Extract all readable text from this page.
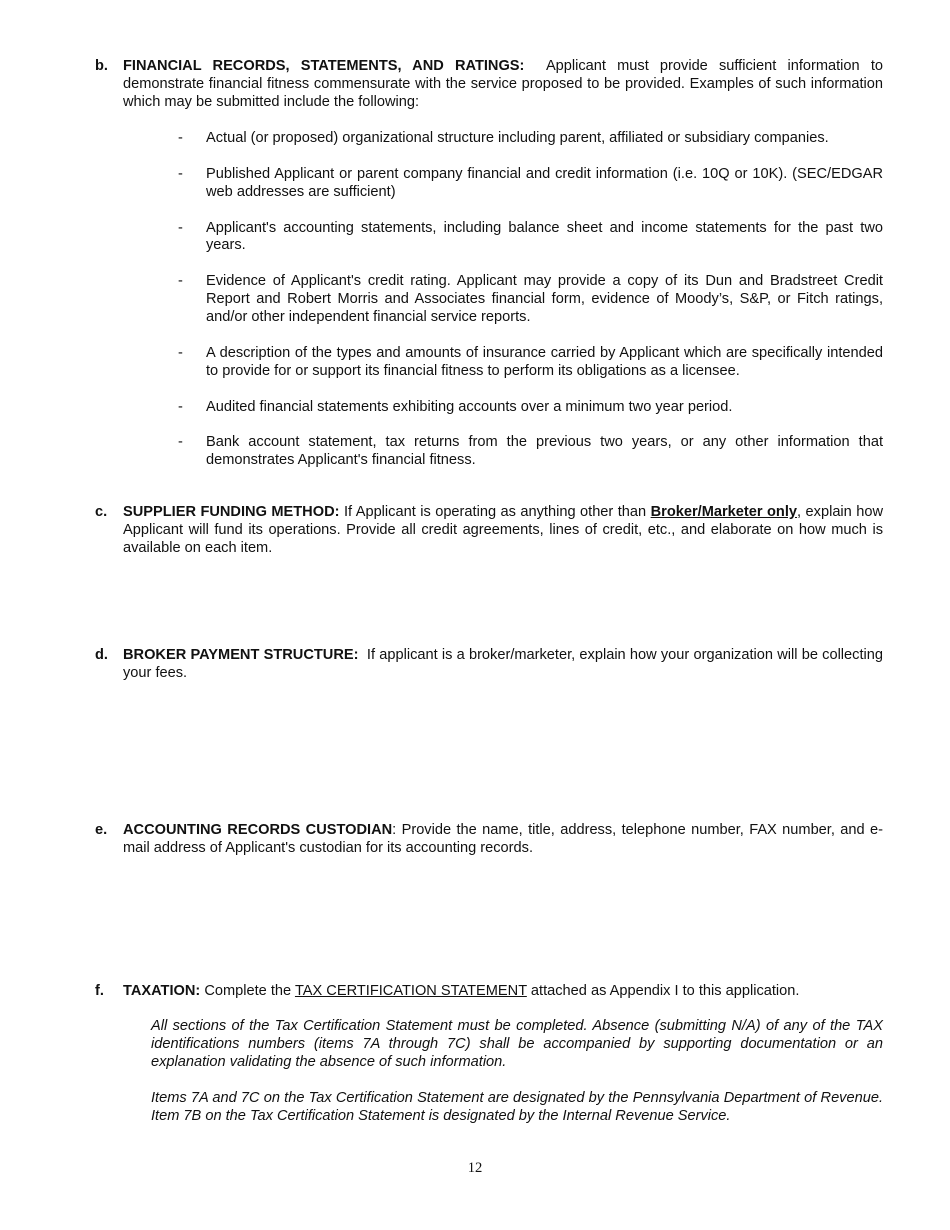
b. FINANCIAL RECORDS, STATEMENTS, AND RATINGS: Applicant must provide sufficient information to demonstrate financial fitness commensurate with the service proposed to be provided. Examples of such information which may be submitted include the following:
- Actual (or proposed) organizational structure including parent, affiliated or subsidiary companies.
- Published Applicant or parent company financial and credit information (i.e. 10Q or 10K). (SEC/EDGAR web addresses are sufficient)
- Applicant's accounting statements, including balance sheet and income statements for the past two years.
- Evidence of Applicant's credit rating. Applicant may provide a copy of its Dun and Bradstreet Credit Report and Robert Morris and Associates financial form, evidence of Moody’s, S&P, or Fitch ratings, and/or other independent financial service reports.
- A description of the types and amounts of insurance carried by Applicant which are specifically intended to provide for or support its financial fitness to perform its obligations as a licensee.
- Audited financial statements exhibiting accounts over a minimum two year period.
- Bank account statement, tax returns from the previous two years, or any other information that demonstrates Applicant's financial fitness.
c. SUPPLIER FUNDING METHOD: If Applicant is operating as anything other than Broker/Marketer only, explain how Applicant will fund its operations. Provide all credit agreements, lines of credit, etc., and elaborate on how much is available on each item.
d. BROKER PAYMENT STRUCTURE: If applicant is a broker/marketer, explain how your organization will be collecting your fees.
e. ACCOUNTING RECORDS CUSTODIAN: Provide the name, title, address, telephone number, FAX number, and e-mail address of Applicant's custodian for its accounting records.
f. TAXATION: Complete the TAX CERTIFICATION STATEMENT attached as Appendix I to this application.
All sections of the Tax Certification Statement must be completed. Absence (submitting N/A) of any of the TAX identifications numbers (items 7A through 7C) shall be accompanied by supporting documentation or an explanation validating the absence of such information.
Items 7A and 7C on the Tax Certification Statement are designated by the Pennsylvania Department of Revenue. Item 7B on the Tax Certification Statement is designated by the Internal Revenue Service.
12
